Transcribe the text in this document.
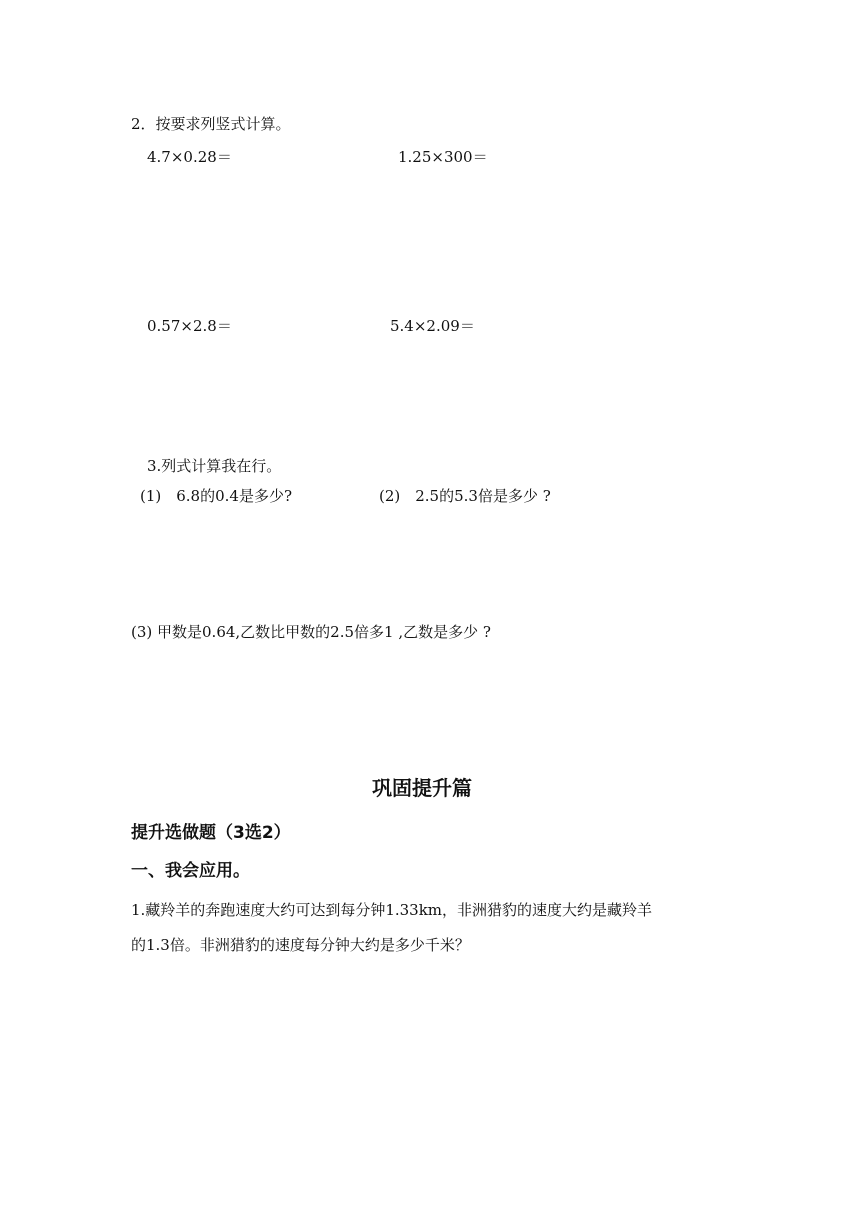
2．按要求列竖式计算。
4.7×0.28＝	1.25×300＝
0.57×2.8＝	5.4×2.09＝
3.列式计算我在行。
(1)　6.8的0.4是多少?	(2)　2.5的5.3倍是多少 ?
(3) 甲数是0.64,乙数比甲数的2.5倍多1 ,乙数是多少 ?
巩固提升篇
提升选做题（3选2）
一、我会应用。
1.藏羚羊的奔跑速度大约可达到每分钟1.33km，非洲猎豹的速度大约是藏羚羊
的1.3倍。非洲猎豹的速度每分钟大约是多少千米？
